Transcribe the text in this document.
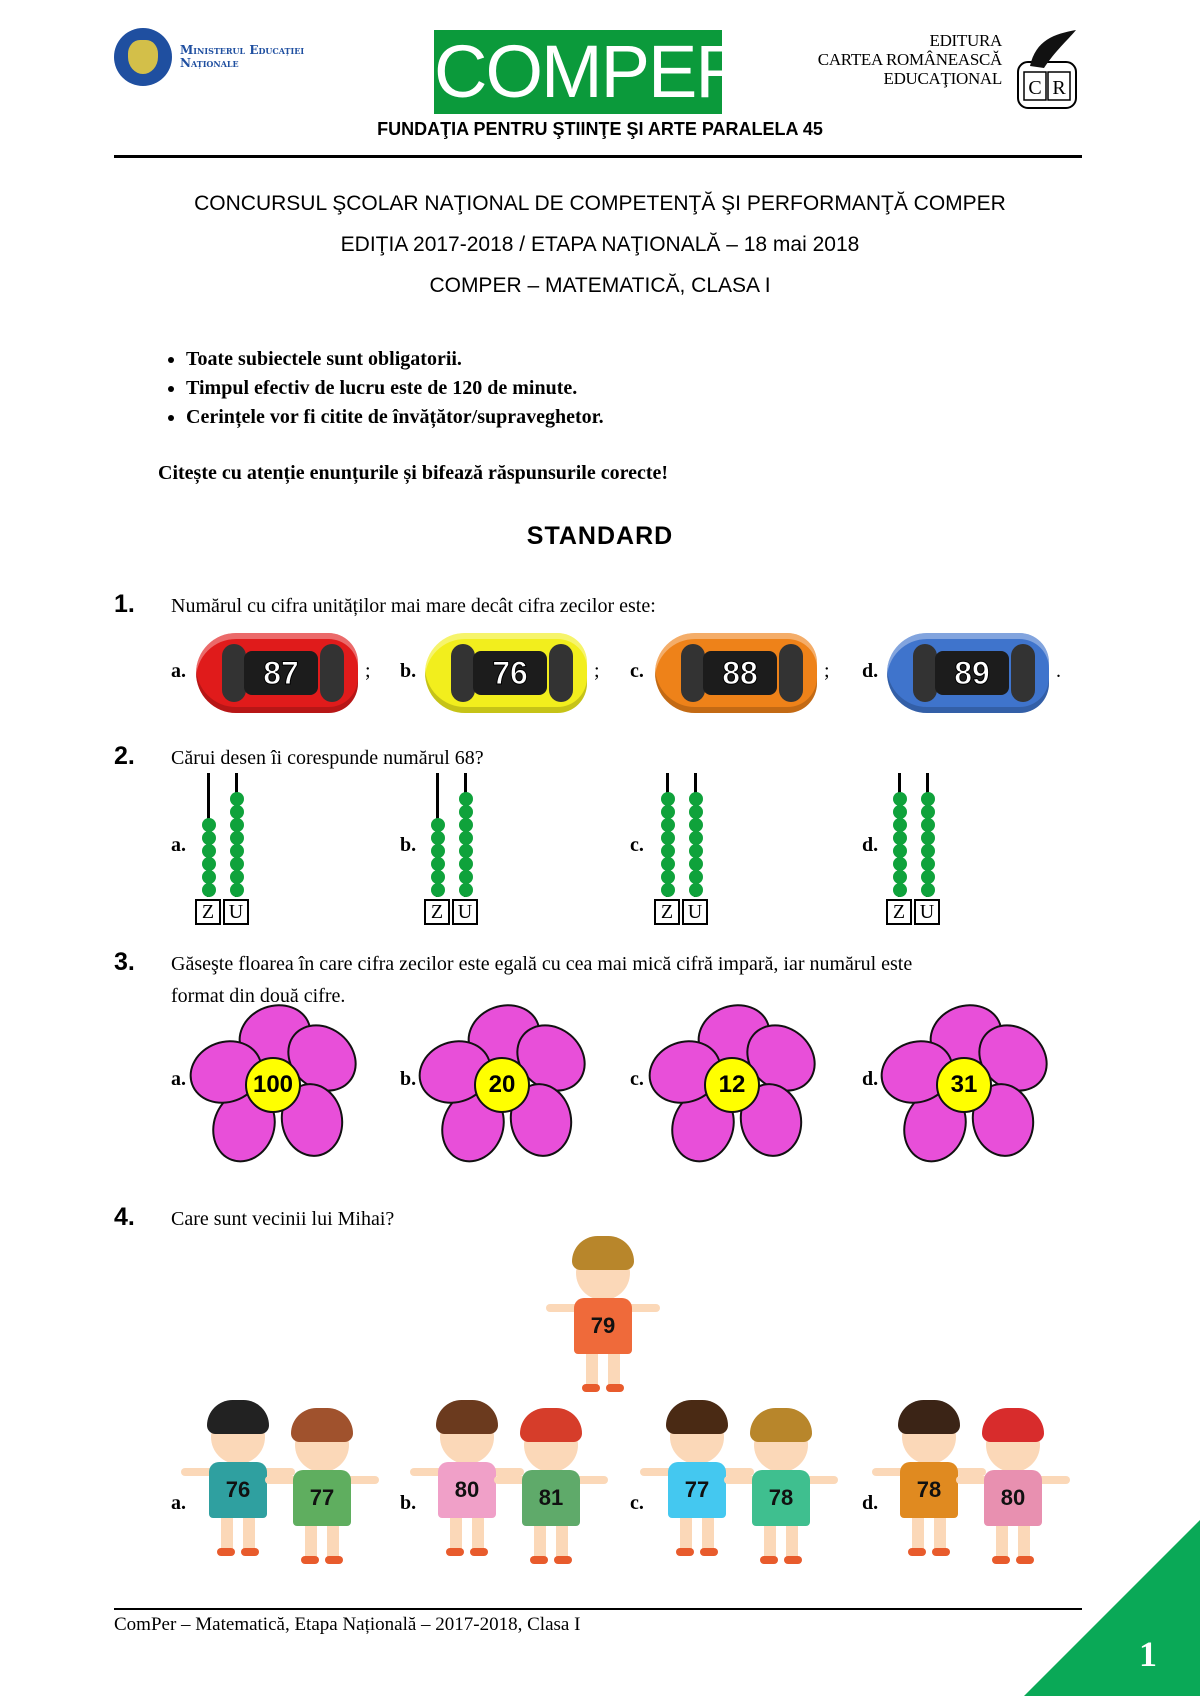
Ministerul Educației
Naționale	COMPER
FUNDAŢIA PENTRU ŞTIINŢE ŞI ARTE PARALELA 45
EDITURA
CARTEA ROMÂNEASCĂ
EDUCAŢIONAL C R
CONCURSUL ŞCOLAR NAŢIONAL DE COMPETENŢĂ ŞI PERFORMANŢĂ COMPER
EDIŢIA 2017-2018 / ETAPA NAŢIONALĂ – 18 mai 2018
COMPER – MATEMATICĂ, CLASA I
• Toate subiectele sunt obligatorii.
• Timpul efectiv de lucru este de 120 de minute.
• Cerințele vor fi citite de învățător/supraveghetor.
Citește cu atenție enunțurile și bifează răspunsurile corecte!
STANDARD
1. Numărul cu cifra unităților mai mare decât cifra zecilor este:
a.	87	; b.	76	; c.	88	; d.	89	.
2. Cărui desen îi corespunde numărul 68?
a.
Z U
b.
Z U
c.
Z U
d.
Z U
3. Găseşte floarea în care cifra zecilor este egală cu cea mai mică cifră impară, iar numărul este
format din două cifre.
a.	100	b.	20	c.	12	d.	31
4. Care sunt vecinii lui Mihai?
79
a.
76	77	b.
80	81	c.
77	78	d.
78	80
ComPer – Matematică, Etapa Națională – 2017-2018, Clasa I
1
